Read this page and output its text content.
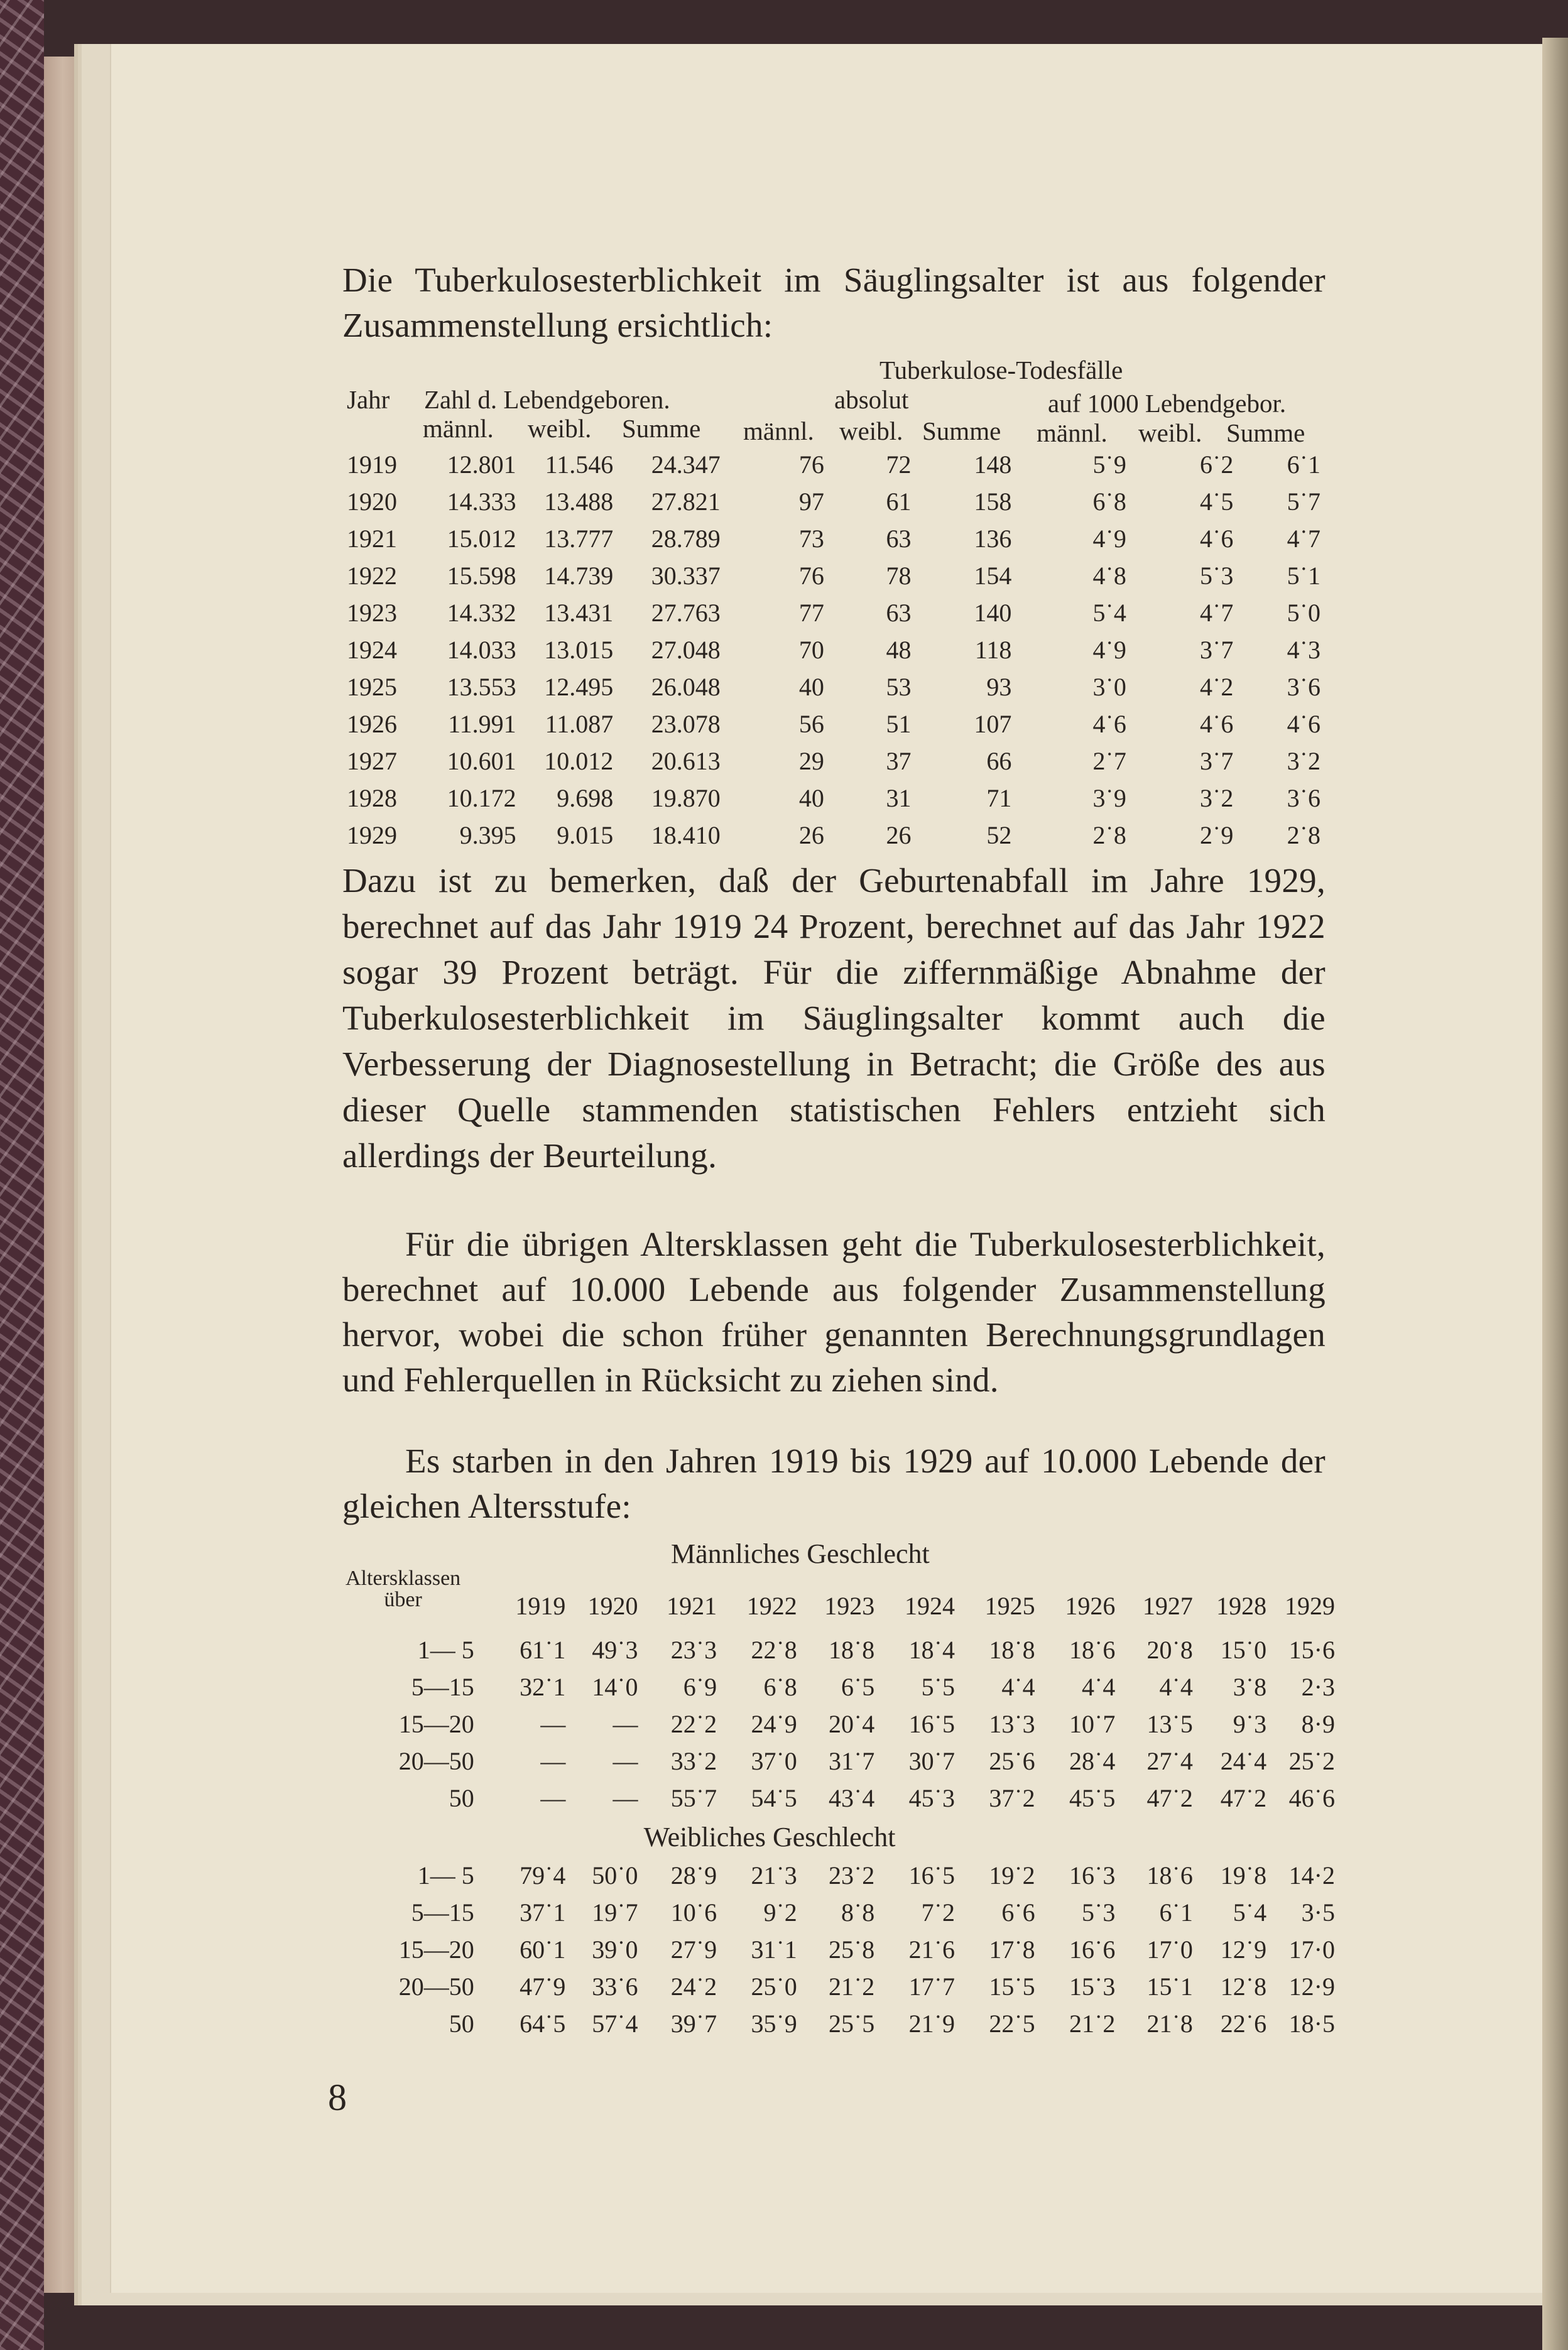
Die Tuberkulosesterblichkeit im Säuglingsalter ist aus folgender Zusammenstellung ersichtlich:
Tuberkulose-Todesfälle
Jahr Zahl d. Lebendgeboren.	absolut	auf 1000 Lebendgebor.
männl. weibl. Summe männl. weibl. Summe männl. weibl. Summe
1919	12.801	11.546	24.347	76	72	148	5˙9	6˙2	6˙1
1920	14.333	13.488	27.821	97	61	158	6˙8	4˙5	5˙7
1921	15.012	13.777	28.789	73	63	136	4˙9	4˙6	4˙7
1922	15.598	14.739	30.337	76	78	154	4˙8	5˙3	5˙1
1923	14.332	13.431	27.763	77	63	140	5˙4	4˙7	5˙0
1924	14.033	13.015	27.048	70	48	118	4˙9	3˙7	4˙3
1925	13.553	12.495	26.048	40	53	93	3˙0	4˙2	3˙6
1926	11.991	11.087	23.078	56	51	107	4˙6	4˙6	4˙6
1927	10.601	10.012	20.613	29	37	66	2˙7	3˙7	3˙2
1928	10.172	9.698	19.870	40	31	71	3˙9	3˙2	3˙6
1929	9.395	9.015	18.410	26	26	52	2˙8	2˙9	2˙8
Dazu ist zu bemerken, daß der Geburtenabfall im Jahre 1929, berechnet auf das Jahr 1919 24 Prozent, berechnet auf das Jahr 1922 sogar 39 Prozent beträgt. Für die ziffernmäßige Abnahme der Tuberkulosesterblichkeit im Säuglingsalter kommt auch die Verbesserung der Diagnosestellung in Betracht; die Größe des aus dieser Quelle stammenden statistischen Fehlers entzieht sich allerdings der Beurteilung.
Für die übrigen Altersklassen geht die Tuberkulosesterblichkeit, berechnet auf 10.000 Lebende aus folgender Zusammenstellung hervor, wobei die schon früher genannten Berechnungsgrundlagen und Fehlerquellen in Rücksicht zu ziehen sind.
Es starben in den Jahren 1919 bis 1929 auf 10.000 Lebende der gleichen Altersstufe:
Männliches Geschlecht
Altersklassen
über
		1919	1920	1921	1922	1923	1924	1925	1926	1927	1928	1929
1— 5	61˙1	49˙3	23˙3	22˙8	18˙8	18˙4	18˙8	18˙6	20˙8	15˙0	15·6
5—15	32˙1	14˙0	6˙9	6˙8	6˙5	5˙5	4˙4	4˙4	4˙4	3˙8	2·3
15—20	—	—	22˙2	24˙9	20˙4	16˙5	13˙3	10˙7	13˙5	9˙3	8·9
20—50	—	—	33˙2	37˙0	31˙7	30˙7	25˙6	28˙4	27˙4	24˙4	25˙2
50	—	—	55˙7	54˙5	43˙4	45˙3	37˙2	45˙5	47˙2	47˙2	46˙6
Weibliches Geschlecht											
1— 5	79˙4	50˙0	28˙9	21˙3	23˙2	16˙5	19˙2	16˙3	18˙6	19˙8	14·2
5—15	37˙1	19˙7	10˙6	9˙2	8˙8	7˙2	6˙6	5˙3	6˙1	5˙4	3·5
15—20	60˙1	39˙0	27˙9	31˙1	25˙8	21˙6	17˙8	16˙6	17˙0	12˙9	17·0
20—50	47˙9	33˙6	24˙2	25˙0	21˙2	17˙7	15˙5	15˙3	15˙1	12˙8	12·9
50	64˙5	57˙4	39˙7	35˙9	25˙5	21˙9	22˙5	21˙2	21˙8	22˙6	18·5
8
